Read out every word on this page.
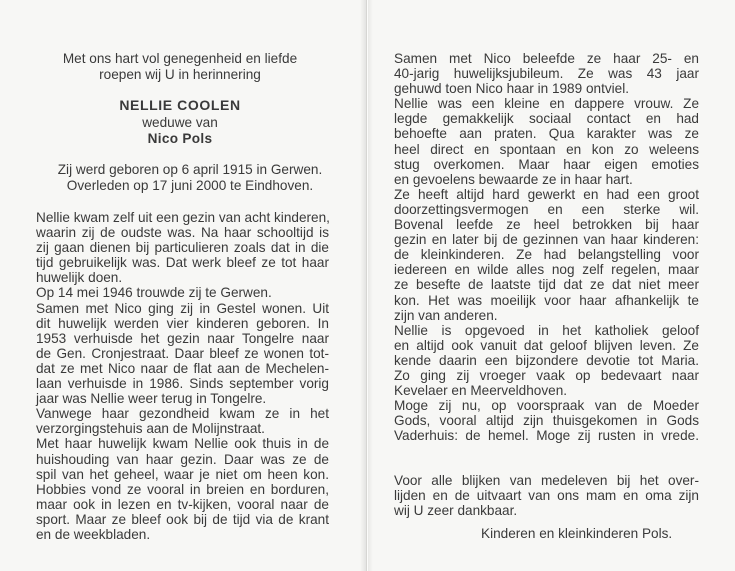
Met ons hart vol genegenheid en liefde
roepen wij U in herinnering
NELLIE COOLEN
weduwe van
Nico Pols
Zij werd geboren op 6 april 1915 in Gerwen.
Overleden op 17 juni 2000 te Eindhoven.
Nellie kwam zelf uit een gezin van acht kinderen,
waarin zij de oudste was. Na haar schooltijd is
zij gaan dienen bij particulieren zoals dat in die
tijd gebruikelijk was. Dat werk bleef ze tot haar
huwelijk doen.
Op 14 mei 1946 trouwde zij te Gerwen.
Samen met Nico ging zij in Gestel wonen. Uit
dit huwelijk werden vier kinderen geboren. In
1953 verhuisde het gezin naar Tongelre naar
de Gen. Cronjestraat. Daar bleef ze wonen tot-
dat ze met Nico naar de flat aan de Mechelen-
laan verhuisde in 1986. Sinds september vorig
jaar was Nellie weer terug in Tongelre.
Vanwege haar gezondheid kwam ze in het
verzorgingstehuis aan de Molijnstraat.
Met haar huwelijk kwam Nellie ook thuis in de
huishouding van haar gezin. Daar was ze de
spil van het geheel, waar je niet om heen kon.
Hobbies vond ze vooral in breien en borduren,
maar ook in lezen en tv-kijken, vooral naar de
sport. Maar ze bleef ook bij de tijd via de krant
en de weekbladen.
Samen met Nico beleefde ze haar 25- en
40-jarig huwelijksjubileum. Ze was 43 jaar
gehuwd toen Nico haar in 1989 ontviel.
Nellie was een kleine en dappere vrouw. Ze
legde gemakkelijk sociaal contact en had
behoefte aan praten. Qua karakter was ze
heel direct en spontaan en kon zo weleens
stug overkomen. Maar haar eigen emoties
en gevoelens bewaarde ze in haar hart.
Ze heeft altijd hard gewerkt en had een groot
doorzettingsvermogen en een sterke wil.
Bovenal leefde ze heel betrokken bij haar
gezin en later bij de gezinnen van haar kinderen:
de kleinkinderen. Ze had belangstelling voor
iedereen en wilde alles nog zelf regelen, maar
ze besefte de laatste tijd dat ze dat niet meer
kon. Het was moeilijk voor haar afhankelijk te
zijn van anderen.
Nellie is opgevoed in het katholiek geloof
en altijd ook vanuit dat geloof blijven leven. Ze
kende daarin een bijzondere devotie tot Maria.
Zo ging zij vroeger vaak op bedevaart naar
Kevelaer en Meerveldhoven.
Moge zij nu, op voorspraak van de Moeder
Gods, vooral altijd zijn thuisgekomen in Gods
Vaderhuis: de hemel. Moge zij rusten in vrede.
Voor alle blijken van medeleven bij het over-
lijden en de uitvaart van ons mam en oma zijn
wij U zeer dankbaar.
Kinderen en kleinkinderen Pols.
